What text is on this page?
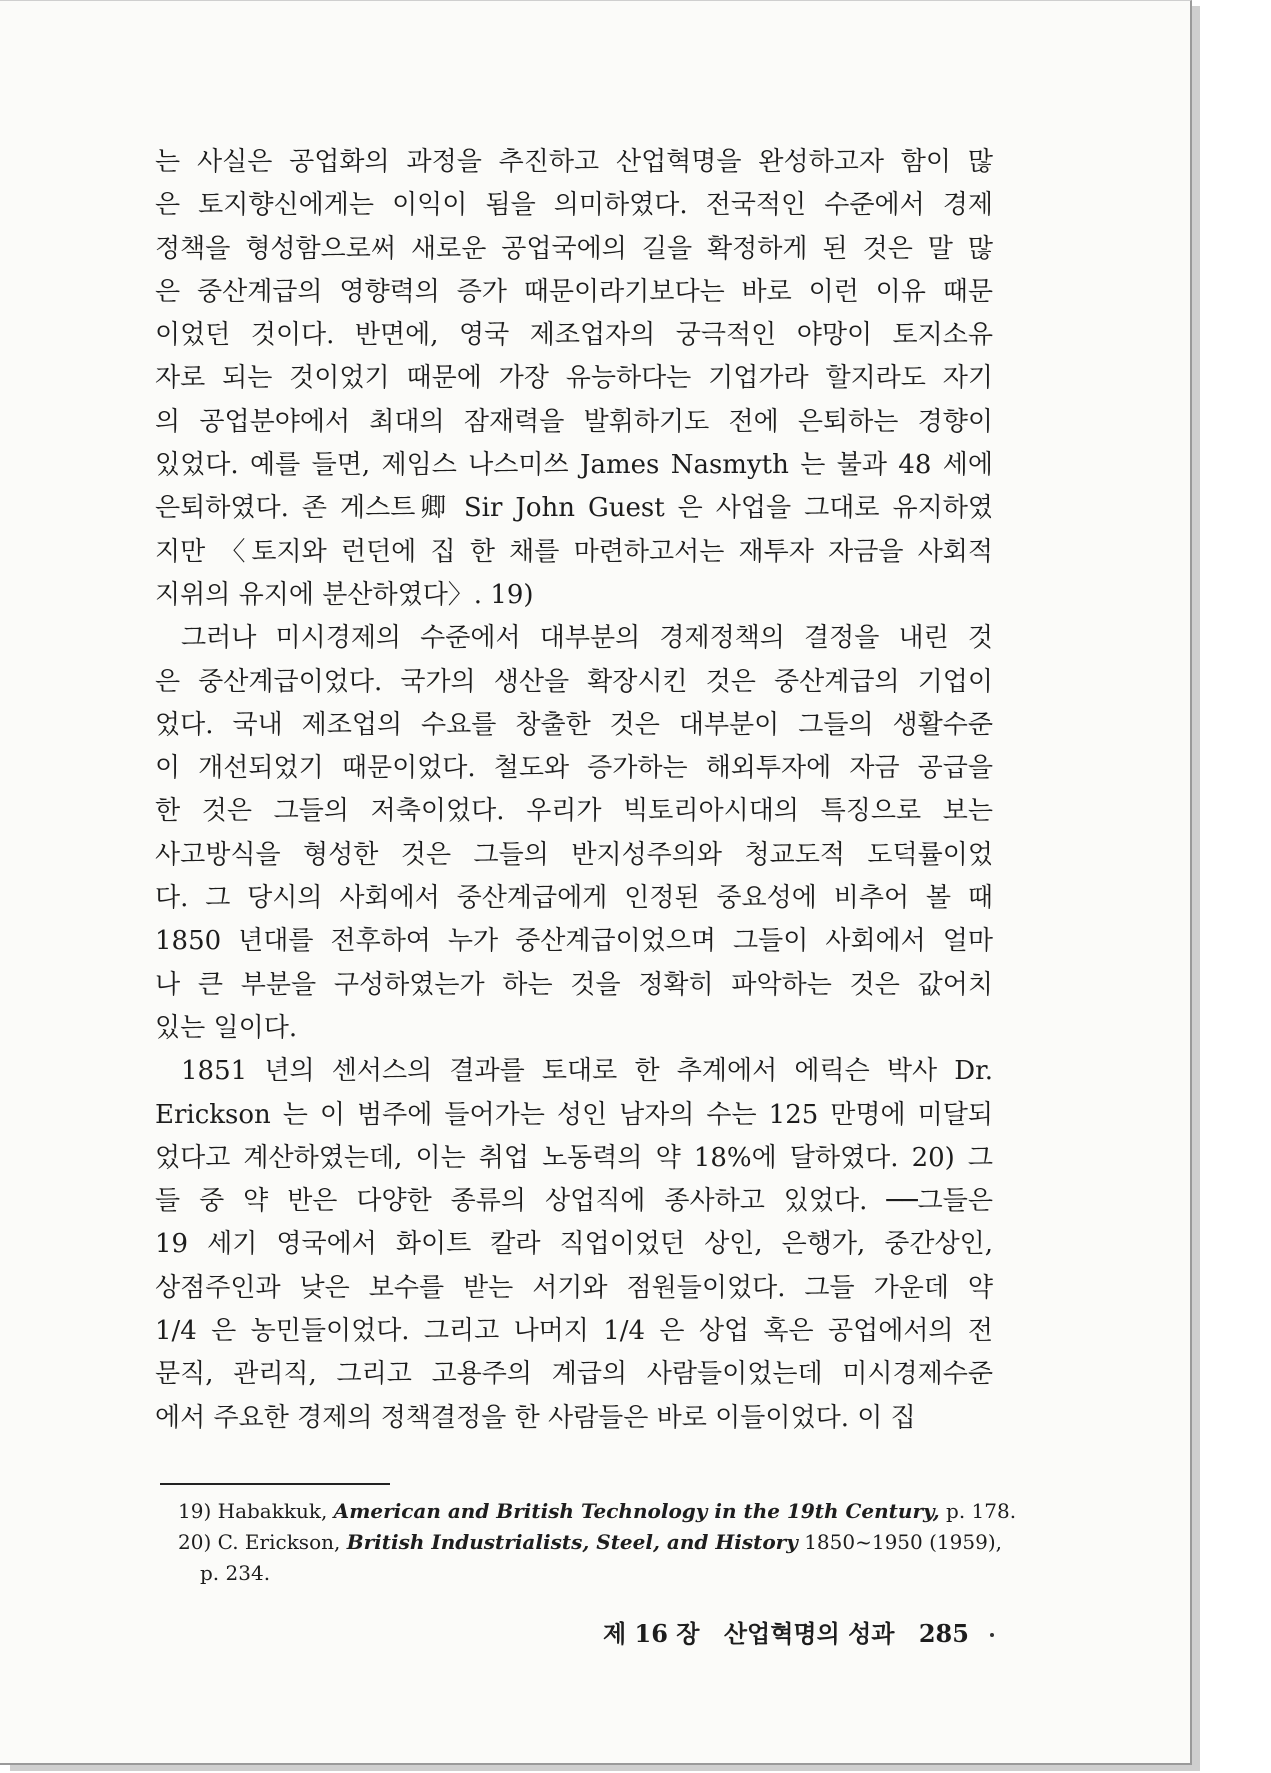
는 사실은 공업화의 과정을 추진하고 산업혁명을 완성하고자 함이 많
은 토지향신에게는 이익이 됨을 의미하였다. 전국적인 수준에서 경제
정책을 형성함으로써 새로운 공업국에의 길을 확정하게 된 것은 말 많
은 중산계급의 영향력의 증가 때문이라기보다는 바로 이런 이유 때문
이었던 것이다. 반면에, 영국 제조업자의 궁극적인 야망이 토지소유
자로 되는 것이었기 때문에 가장 유능하다는 기업가라 할지라도 자기
의 공업분야에서 최대의 잠재력을 발휘하기도 전에 은퇴하는 경향이
있었다. 예를 들면, 제임스 나스미쓰 James Nasmyth 는 불과 48 세에
은퇴하였다. 존 게스트卿 Sir John Guest 은 사업을 그대로 유지하였
지만 〈토지와 런던에 집 한 채를 마련하고서는 재투자 자금을 사회적
지위의 유지에 분산하였다〉. 19)
그러나 미시경제의 수준에서 대부분의 경제정책의 결정을 내린 것
은 중산계급이었다. 국가의 생산을 확장시킨 것은 중산계급의 기업이
었다. 국내 제조업의 수요를 창출한 것은 대부분이 그들의 생활수준
이 개선되었기 때문이었다. 철도와 증가하는 해외투자에 자금 공급을
한 것은 그들의 저축이었다. 우리가 빅토리아시대의 특징으로 보는
사고방식을 형성한 것은 그들의 반지성주의와 청교도적 도덕률이었
다. 그 당시의 사회에서 중산계급에게 인정된 중요성에 비추어 볼 때
1850 년대를 전후하여 누가 중산계급이었으며 그들이 사회에서 얼마
나 큰 부분을 구성하였는가 하는 것을 정확히 파악하는 것은 값어치
있는 일이다.
1851 년의 센서스의 결과를 토대로 한 추계에서 에릭슨 박사 Dr.
Erickson 는 이 범주에 들어가는 성인 남자의 수는 125 만명에 미달되
었다고 계산하였는데, 이는 취업 노동력의 약 18%에 달하였다. 20) 그
들 중 약 반은 다양한 종류의 상업직에 종사하고 있었다. ──그들은
19 세기 영국에서 화이트 칼라 직업이었던 상인, 은행가, 중간상인,
상점주인과 낮은 보수를 받는 서기와 점원들이었다. 그들 가운데 약
1/4 은 농민들이었다. 그리고 나머지 1/4 은 상업 혹은 공업에서의 전
문직, 관리직, 그리고 고용주의 계급의 사람들이었는데 미시경제수준
에서 주요한 경제의 정책결정을 한 사람들은 바로 이들이었다. 이 집
19) Habakkuk, American and British Technology in the 19th Century, p. 178.
20) C. Erickson, British Industrialists, Steel, and History 1850~1950 (1959),
p. 234.
제 16 장 산업혁명의 성과 285
